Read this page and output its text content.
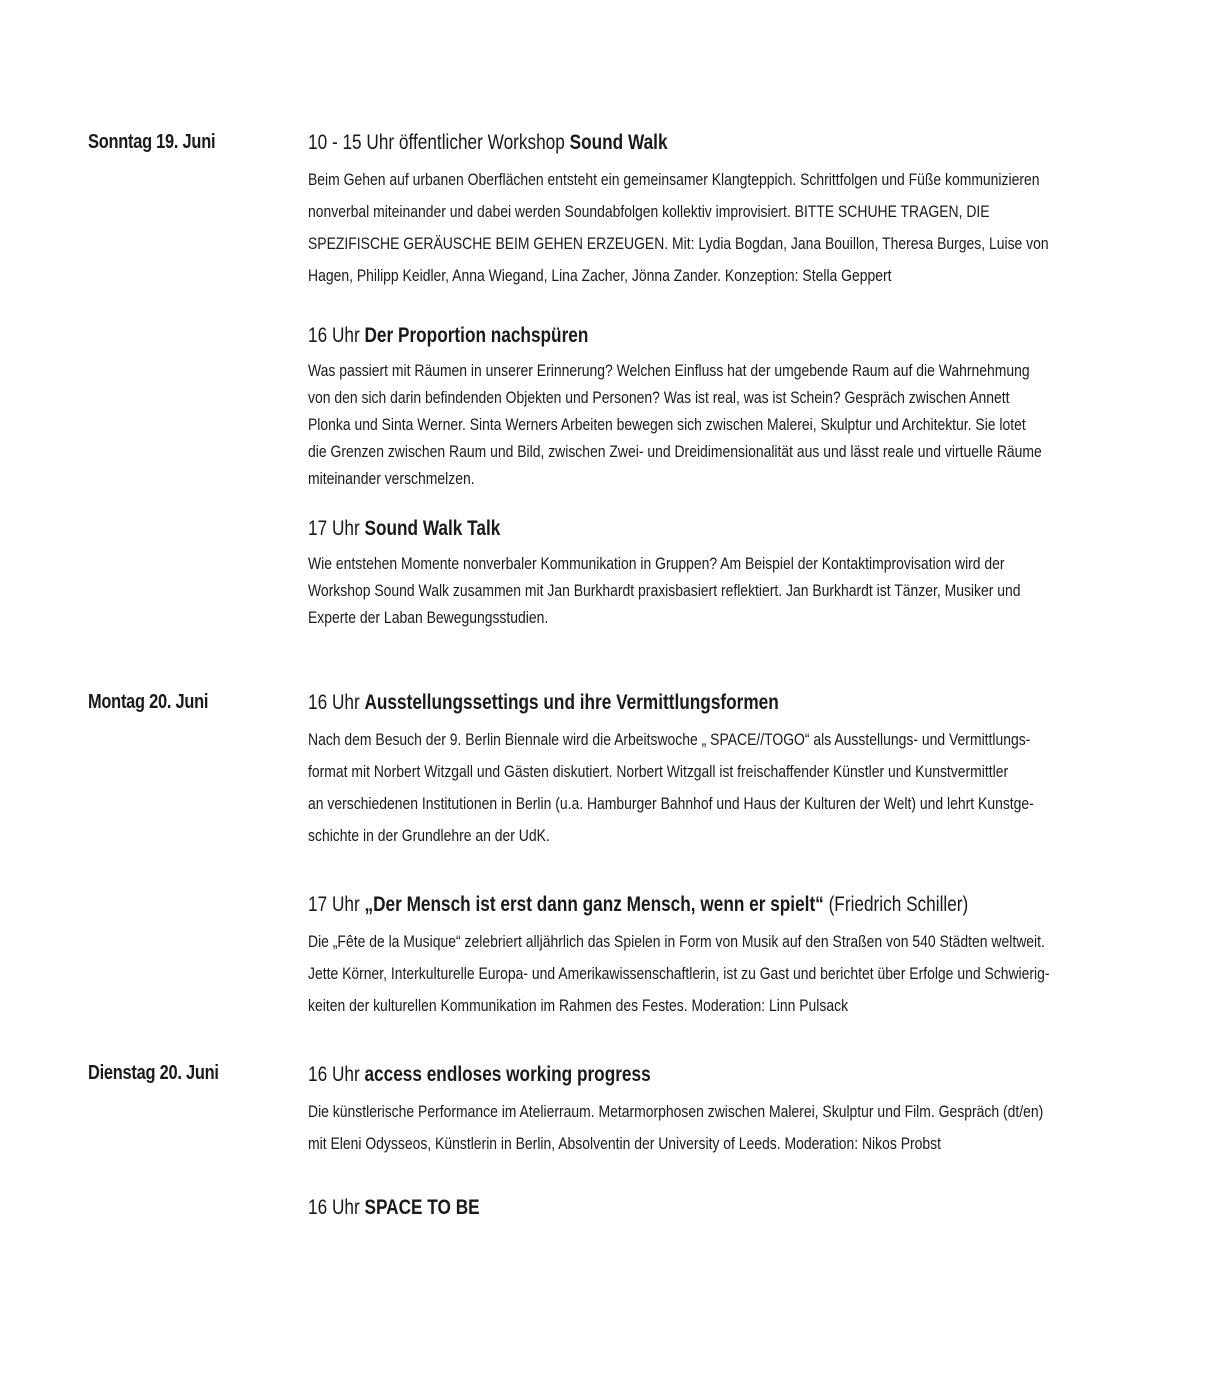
Sonntag 19. Juni
Montag 20. Juni
Dienstag 20. Juni
10 - 15 Uhr öffentlicher Workshop Sound Walk
Beim Gehen auf urbanen Oberflächen entsteht ein gemeinsamer Klangteppich. Schrittfolgen und Füße kommunizieren
nonverbal miteinander und dabei werden Soundabfolgen kollektiv improvisiert. BITTE SCHUHE TRAGEN, DIE
SPEZIFISCHE GERÄUSCHE BEIM GEHEN ERZEUGEN. Mit: Lydia Bogdan, Jana Bouillon, Theresa Burges, Luise von
Hagen, Philipp Keidler, Anna Wiegand, Lina Zacher, Jönna Zander. Konzeption: Stella Geppert
16 Uhr Der Proportion nachspüren
Was passiert mit Räumen in unserer Erinnerung? Welchen Einfluss hat der umgebende Raum auf die Wahrnehmung
von den sich darin befindenden Objekten und Personen? Was ist real, was ist Schein? Gespräch zwischen Annett
Plonka und Sinta Werner. Sinta Werners Arbeiten bewegen sich zwischen Malerei, Skulptur und Architektur. Sie lotet
die Grenzen zwischen Raum und Bild, zwischen Zwei- und Dreidimensionalität aus und lässt reale und virtuelle Räume
miteinander verschmelzen.
17 Uhr Sound Walk Talk
Wie entstehen Momente nonverbaler Kommunikation in Gruppen? Am Beispiel der Kontaktimprovisation wird der
Workshop Sound Walk zusammen mit Jan Burkhardt praxisbasiert reflektiert. Jan Burkhardt ist Tänzer, Musiker und
Experte der Laban Bewegungsstudien.
16 Uhr Ausstellungssettings und ihre Vermittlungsformen
Nach dem Besuch der 9. Berlin Biennale wird die Arbeitswoche „ SPACE//TOGO“ als Ausstellungs- und Vermittlungs-
format mit Norbert Witzgall und Gästen diskutiert. Norbert Witzgall ist freischaffender Künstler und Kunstvermittler
an verschiedenen Institutionen in Berlin (u.a. Hamburger Bahnhof und Haus der Kulturen der Welt) und lehrt Kunstge-
schichte in der Grundlehre an der UdK.
17 Uhr „Der Mensch ist erst dann ganz Mensch, wenn er spielt“ (Friedrich Schiller)
Die „Fête de la Musique“ zelebriert alljährlich das Spielen in Form von Musik auf den Straßen von 540 Städten weltweit.
Jette Körner, Interkulturelle Europa- und Amerikawissenschaftlerin, ist zu Gast und berichtet über Erfolge und Schwierig-
keiten der kulturellen Kommunikation im Rahmen des Festes. Moderation: Linn Pulsack
16 Uhr access endloses working progress
Die künstlerische Performance im Atelierraum. Metarmorphosen zwischen Malerei, Skulptur und Film. Gespräch (dt/en)
mit Eleni Odysseos, Künstlerin in Berlin, Absolventin der University of Leeds. Moderation: Nikos Probst
16 Uhr SPACE TO BE
